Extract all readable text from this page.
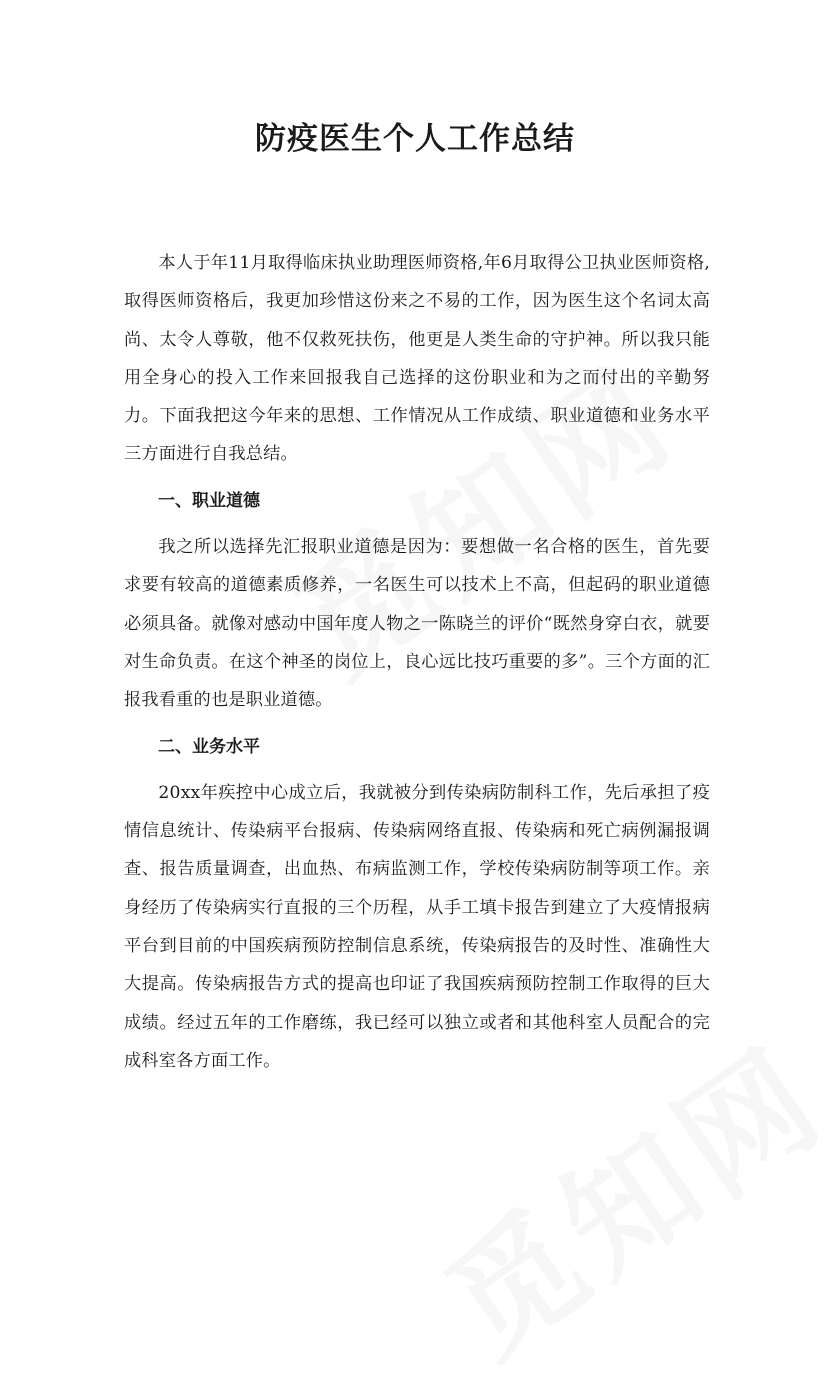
防疫医生个人工作总结

本人于年11月取得临床执业助理医师资格,年6月取得公卫执业医师资格,取得医师资格后，我更加珍惜这份来之不易的工作，因为医生这个名词太高尚、太令人尊敬，他不仅救死扶伤，他更是人类生命的守护神。所以我只能用全身心的投入工作来回报我自己选择的这份职业和为之而付出的辛勤努力。下面我把这今年来的思想、工作情况从工作成绩、职业道德和业务水平三方面进行自我总结。

一、职业道德

我之所以选择先汇报职业道德是因为：要想做一名合格的医生，首先要求要有较高的道德素质修养，一名医生可以技术上不高，但起码的职业道德必须具备。就像对感动中国年度人物之一陈晓兰的评价“既然身穿白衣，就要对生命负责。在这个神圣的岗位上，良心远比技巧重要的多”。三个方面的汇报我看重的也是职业道德。

二、业务水平

20xx年疾控中心成立后，我就被分到传染病防制科工作，先后承担了疫情信息统计、传染病平台报病、传染病网络直报、传染病和死亡病例漏报调查、报告质量调查，出血热、布病监测工作，学校传染病防制等项工作。亲身经历了传染病实行直报的三个历程，从手工填卡报告到建立了大疫情报病平台到目前的中国疾病预防控制信息系统，传染病报告的及时性、准确性大大提高。传染病报告方式的提高也印证了我国疾病预防控制工作取得的巨大成绩。经过五年的工作磨练，我已经可以独立或者和其他科室人员配合的完成科室各方面工作。
